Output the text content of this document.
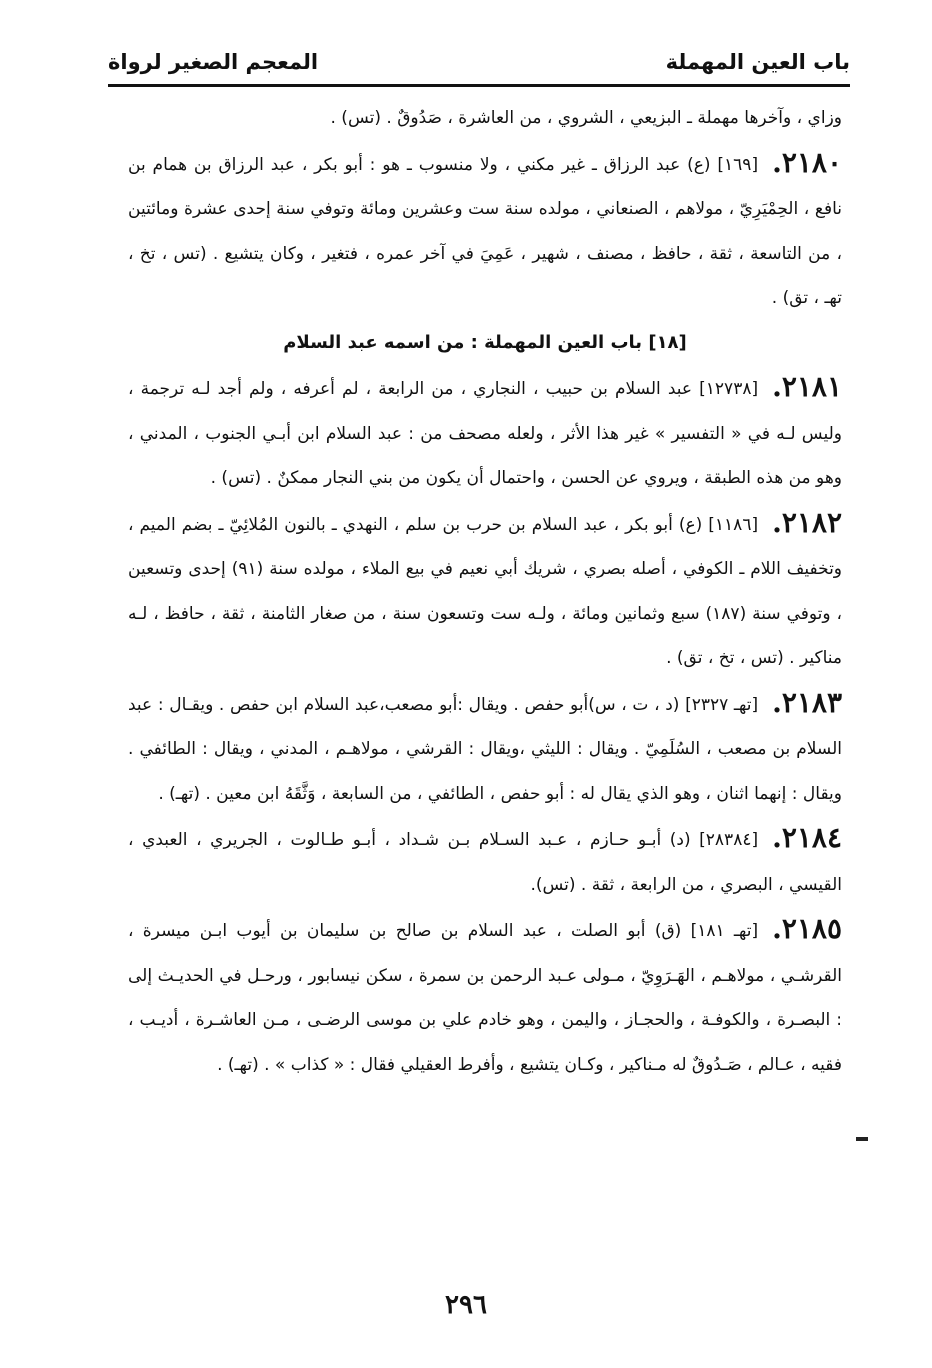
المعجم الصغير لرواة	باب العين المهملة

وزاي ، وآخرها مهملة ـ البزيعي ، الشروي ، من العاشرة ، صَدُوقٌ . (تس) .

٢١٨٠.[١٦٩] (ع) عبد الرزاق ـ غير مكني ، ولا منسوب ـ هو : أبو بكر ، عبد الرزاق بن همام بن نافع ، الحِمْيَرِيّ ، مولاهم ، الصنعاني ، مولده سنة ست وعشرين ومائة وتوفي سنة إحدى عشرة ومائتين ، من التاسعة ، ثقة ، حافظ ، مصنف ، شهير ، عَمِيَ في آخر عمره ، فتغير ، وكان يتشيع . (تس ، تخ ، تهـ ، تق) .

[١٨] باب العين المهملة : من اسمه عبد السلام

٢١٨١.[١٢٧٣٨] عبد السلام بن حبيب ، النجاري ، من الرابعة ، لم أعرفه ، ولم أجد لـه ترجمة ، وليس لـه في « التفسير » غير هذا الأثر ، ولعله مصحف من : عبد السلام ابن أبـي الجنوب ، المدني ، وهو من هذه الطبقة ، ويروي عن الحسن ، واحتمال أن يكون من بني النجار ممكنٌ . (تس) .
٢١٨٢.[١١٨٦] (ع) أبو بكر ، عبد السلام بن حرب بن سلم ، النهدي ـ بالنون المُلائِيّ ـ بضم الميم ، وتخفيف اللام ـ الكوفي ، أصله بصري ، شريك أبي نعيم في بيع الملاء ، مولده سنة (٩١) إحدى وتسعين ، وتوفي سنة (١٨٧) سبع وثمانين ومائة ، ولـه ست وتسعون سنة ، من صغار الثامنة ، ثقة ، حافظ ، لـه مناكير . (تس ، تخ ، تق) .
٢١٨٣.[تهـ ٢٣٢٧] (د ، ت ، س)أبو حفص . ويقال :أبو مصعب،عبد السلام ابن حفص . ويقـال : عبد السلام بن مصعب ، السُلَمِيّ . ويقال : الليثي ،ويقال : القرشي ، مولاهـم ، المدني ، ويقال : الطائفي . ويقال : إنهما اثنان ، وهو الذي يقال له : أبو حفص ، الطائفي ، من السابعة ، وَثَّقَهُ ابن معين . (تهـ) .
٢١٨٤.[٢٨٣٨٤] (د) أبـو حـازم ، عـبد السـلام بـن شـداد ، أبـو طـالوت ، الجريري ، العبدي ، القيسي ، البصري ، من الرابعة ، ثقة . (تس).
٢١٨٥.[تهـ ١٨١] (ق) أبو الصلت ، عبد السلام بن صالح بن سليمان بن أيوب ابـن ميسرة ، القرشـي ، مولاهـم ، الهَـرَوِيّ ، مـولى عـبد الرحمن بن سمرة ، سكن نيسابور ، ورحـل في الحديـث إلى : البصـرة ، والكوفـة ، والحجـاز ، واليمن ، وهو خادم علي بن موسى الرضـى ، مـن العاشـرة ، أديـب ، فقيه ، عـالم ، صَـدُوقٌ له مـناكير ، وكـان يتشيع ، وأفرط العقيلي فقال : « كذاب » . (تهـ) .
٢٩٦
